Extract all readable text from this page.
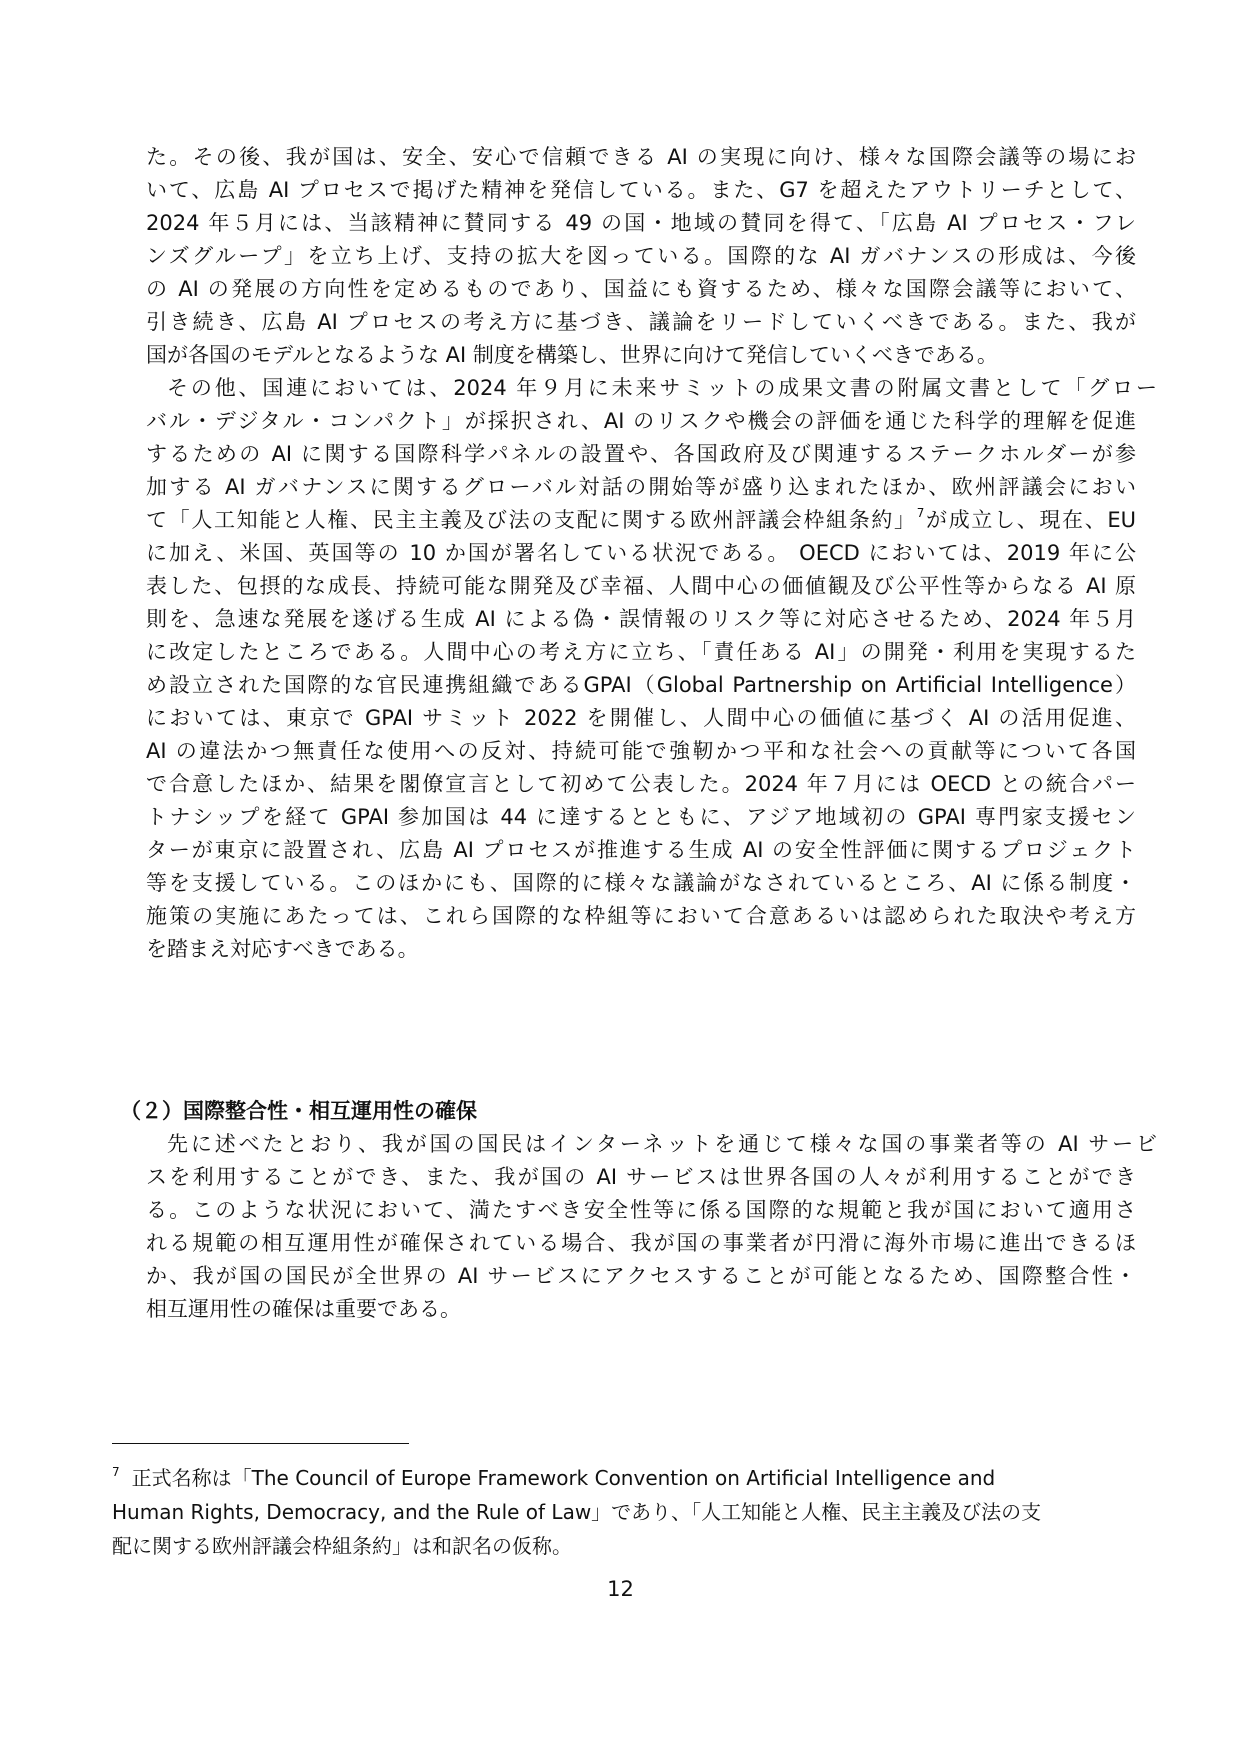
た。その後、我が国は、安全、安心で信頼できる AI の実現に向け、様々な国際会議等の場にお
いて、広島 AI プロセスで掲げた精神を発信している。また、G7 を超えたアウトリーチとして、
2024 年５月には、当該精神に賛同する 49 の国・地域の賛同を得て、「広島 AI プロセス・フレ
ンズグループ」を立ち上げ、支持の拡大を図っている。国際的な AI ガバナンスの形成は、今後
の AI の発展の方向性を定めるものであり、国益にも資するため、様々な国際会議等において、
引き続き、広島 AI プロセスの考え方に基づき、議論をリードしていくべきである。また、我が
国が各国のモデルとなるような AI 制度を構築し、世界に向けて発信していくべきである。
その他、国連においては、2024 年９月に未来サミットの成果文書の附属文書として「グロー
バル・デジタル・コンパクト」が採択され、AI のリスクや機会の評価を通じた科学的理解を促進
するための AI に関する国際科学パネルの設置や、各国政府及び関連するステークホルダーが参
加する AI ガバナンスに関するグローバル対話の開始等が盛り込まれたほか、欧州評議会におい
て「人工知能と人権、民主主義及び法の支配に関する欧州評議会枠組条約」$^7$が成立し、現在、EU
に加え、米国、英国等の 10 か国が署名している状況である。 OECD においては、2019 年に公
表した、包摂的な成長、持続可能な開発及び幸福、人間中心の価値観及び公平性等からなる AI 原
則を、急速な発展を遂げる生成 AI による偽・誤情報のリスク等に対応させるため、2024 年５月
に改定したところである。人間中心の考え方に立ち、「責任ある AI」の開発・利用を実現するた
め設立された国際的な官民連携組織であるGPAI（Global Partnership on Artificial Intelligence）
においては、東京で GPAI サミット 2022 を開催し、人間中心の価値に基づく AI の活用促進、
AI の違法かつ無責任な使用への反対、持続可能で強靭かつ平和な社会への貢献等について各国
で合意したほか、結果を閣僚宣言として初めて公表した。2024 年７月には OECD との統合パー
トナシップを経て GPAI 参加国は 44 に達するとともに、アジア地域初の GPAI 専門家支援セン
ターが東京に設置され、広島 AI プロセスが推進する生成 AI の安全性評価に関するプロジェクト
等を支援している。このほかにも、国際的に様々な議論がなされているところ、AI に係る制度・
施策の実施にあたっては、これら国際的な枠組等において合意あるいは認められた取決や考え方
を踏まえ対応すべきである。
（２）国際整合性・相互運用性の確保
先に述べたとおり、我が国の国民はインターネットを通じて様々な国の事業者等の AI サービ
スを利用することができ、また、我が国の AI サービスは世界各国の人々が利用することができ
る。このような状況において、満たすべき安全性等に係る国際的な規範と我が国において適用さ
れる規範の相互運用性が確保されている場合、我が国の事業者が円滑に海外市場に進出できるほ
か、我が国の国民が全世界の AI サービスにアクセスすることが可能となるため、国際整合性・
相互運用性の確保は重要である。
$^7$ 正式名称は「The Council of Europe Framework Convention on Artificial Intelligence and
Human Rights, Democracy, and the Rule of Law」であり、「人工知能と人権、民主主義及び法の支
配に関する欧州評議会枠組条約」は和訳名の仮称。
12
